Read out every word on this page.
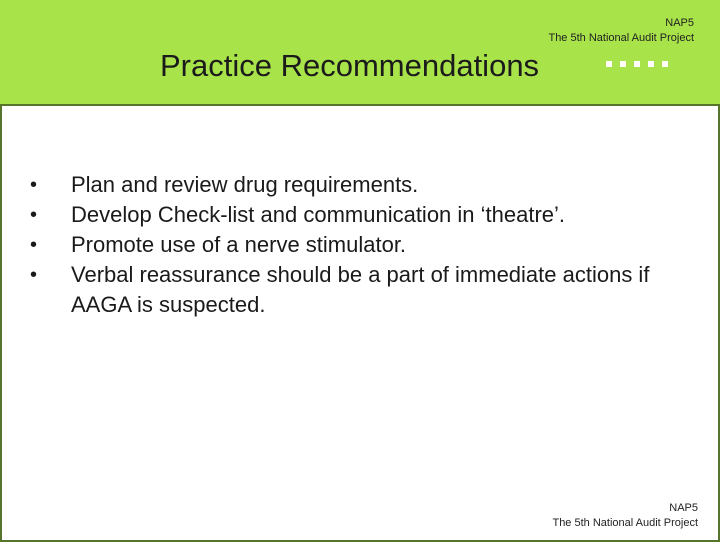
NAP5
The 5th National Audit Project
Practice Recommendations
• Plan and review drug requirements.
• Develop Check-list and communication in ‘theatre’.
• Promote use of a nerve stimulator.
• Verbal reassurance should be a part of immediate actions if AAGA is suspected.
NAP5
The 5th National Audit Project
